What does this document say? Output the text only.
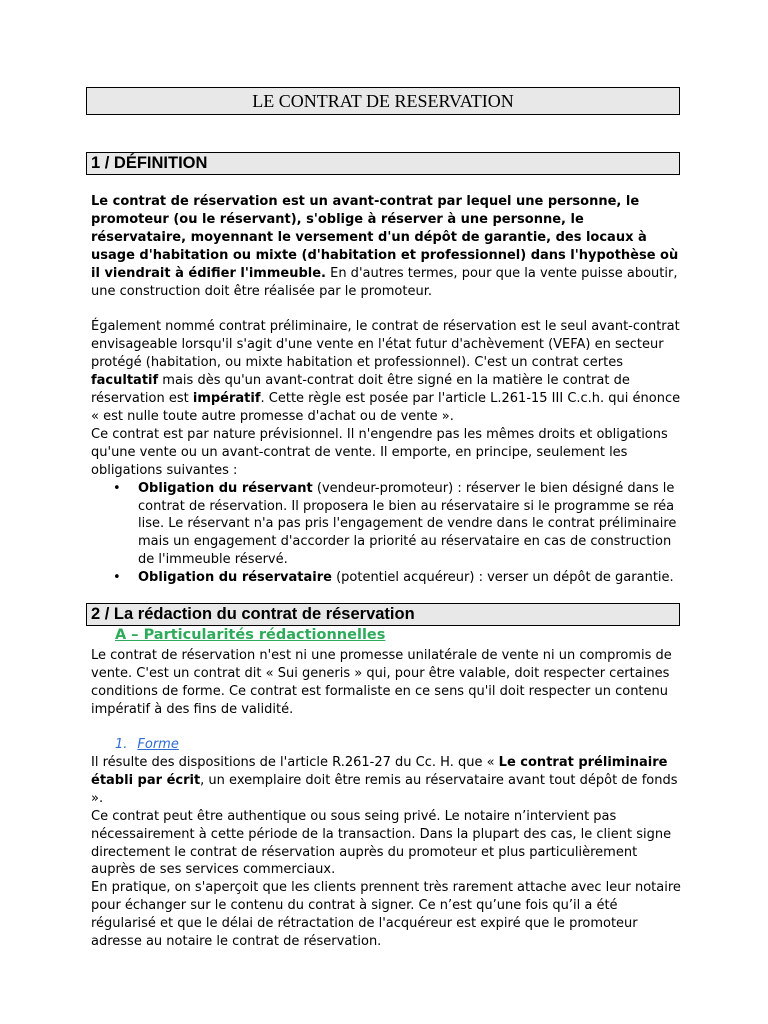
LE CONTRAT DE RESERVATION
1 / DÉFINITION

Le contrat de réservation est un avant-contrat par lequel une personne, le promoteur (ou le réservant), s'oblige à réserver à une personne, le réservataire, moyennant le versement d'un dépôt de garantie, des locaux à usage d'habitation ou mixte (d'habitation et professionnel) dans l'hypothèse où il viendrait à édifier l'immeuble. En d'autres termes, pour que la vente puisse aboutir, une construction doit être réalisée par le promoteur.

Également nommé contrat préliminaire, le contrat de réservation est le seul avant-contrat envisageable lorsqu'il s'agit d'une vente en l'état futur d'achèvement (VEFA) en secteur protégé (habitation, ou mixte habitation et professionnel). C'est un contrat certes facultatif mais dès qu'un avant-contrat doit être signé en la matière le contrat de réservation est impératif. Cette règle est posée par l'article L.261-15 III C.c.h. qui énonce « est nulle toute autre promesse d'achat ou de vente ».

Ce contrat est par nature prévisionnel. Il n'engendre pas les mêmes droits et obligations qu'une vente ou un avant-contrat de vente. Il emporte, en principe, seulement les obligations suivantes :

• Obligation du réservant (vendeur-promoteur) : réserver le bien désigné dans le contrat de réservation. Il proposera le bien au réservataire si le programme se réa lise. Le réservant n'a pas pris l'engagement de vendre dans le contrat préliminaire mais un engagement d'accorder la priorité au réservataire en cas de construction de l'immeuble réservé.
• Obligation du réservataire (potentiel acquéreur) : verser un dépôt de garantie.
2 / La rédaction du contrat de réservation
A – Particularités rédactionnelles

Le contrat de réservation n'est ni une promesse unilatérale de vente ni un compromis de vente. C'est un contrat dit « Sui generis » qui, pour être valable, doit respecter certaines conditions de forme. Ce contrat est formaliste en ce sens qu'il doit respecter un contenu impératif à des fins de validité.

1. Forme

Il résulte des dispositions de l'article R.261-27 du Cc. H. que « Le contrat préliminaire établi par écrit, un exemplaire doit être remis au réservataire avant tout dépôt de fonds ».

Ce contrat peut être authentique ou sous seing privé. Le notaire n’intervient pas nécessairement à cette période de la transaction. Dans la plupart des cas, le client signe directement le contrat de réservation auprès du promoteur et plus particulièrement auprès de ses services commerciaux.

En pratique, on s'aperçoit que les clients prennent très rarement attache avec leur notaire pour échanger sur le contenu du contrat à signer. Ce n’est qu’une fois qu’il a été régularisé et que le délai de rétractation de l'acquéreur est expiré que le promoteur adresse au notaire le contrat de réservation.
